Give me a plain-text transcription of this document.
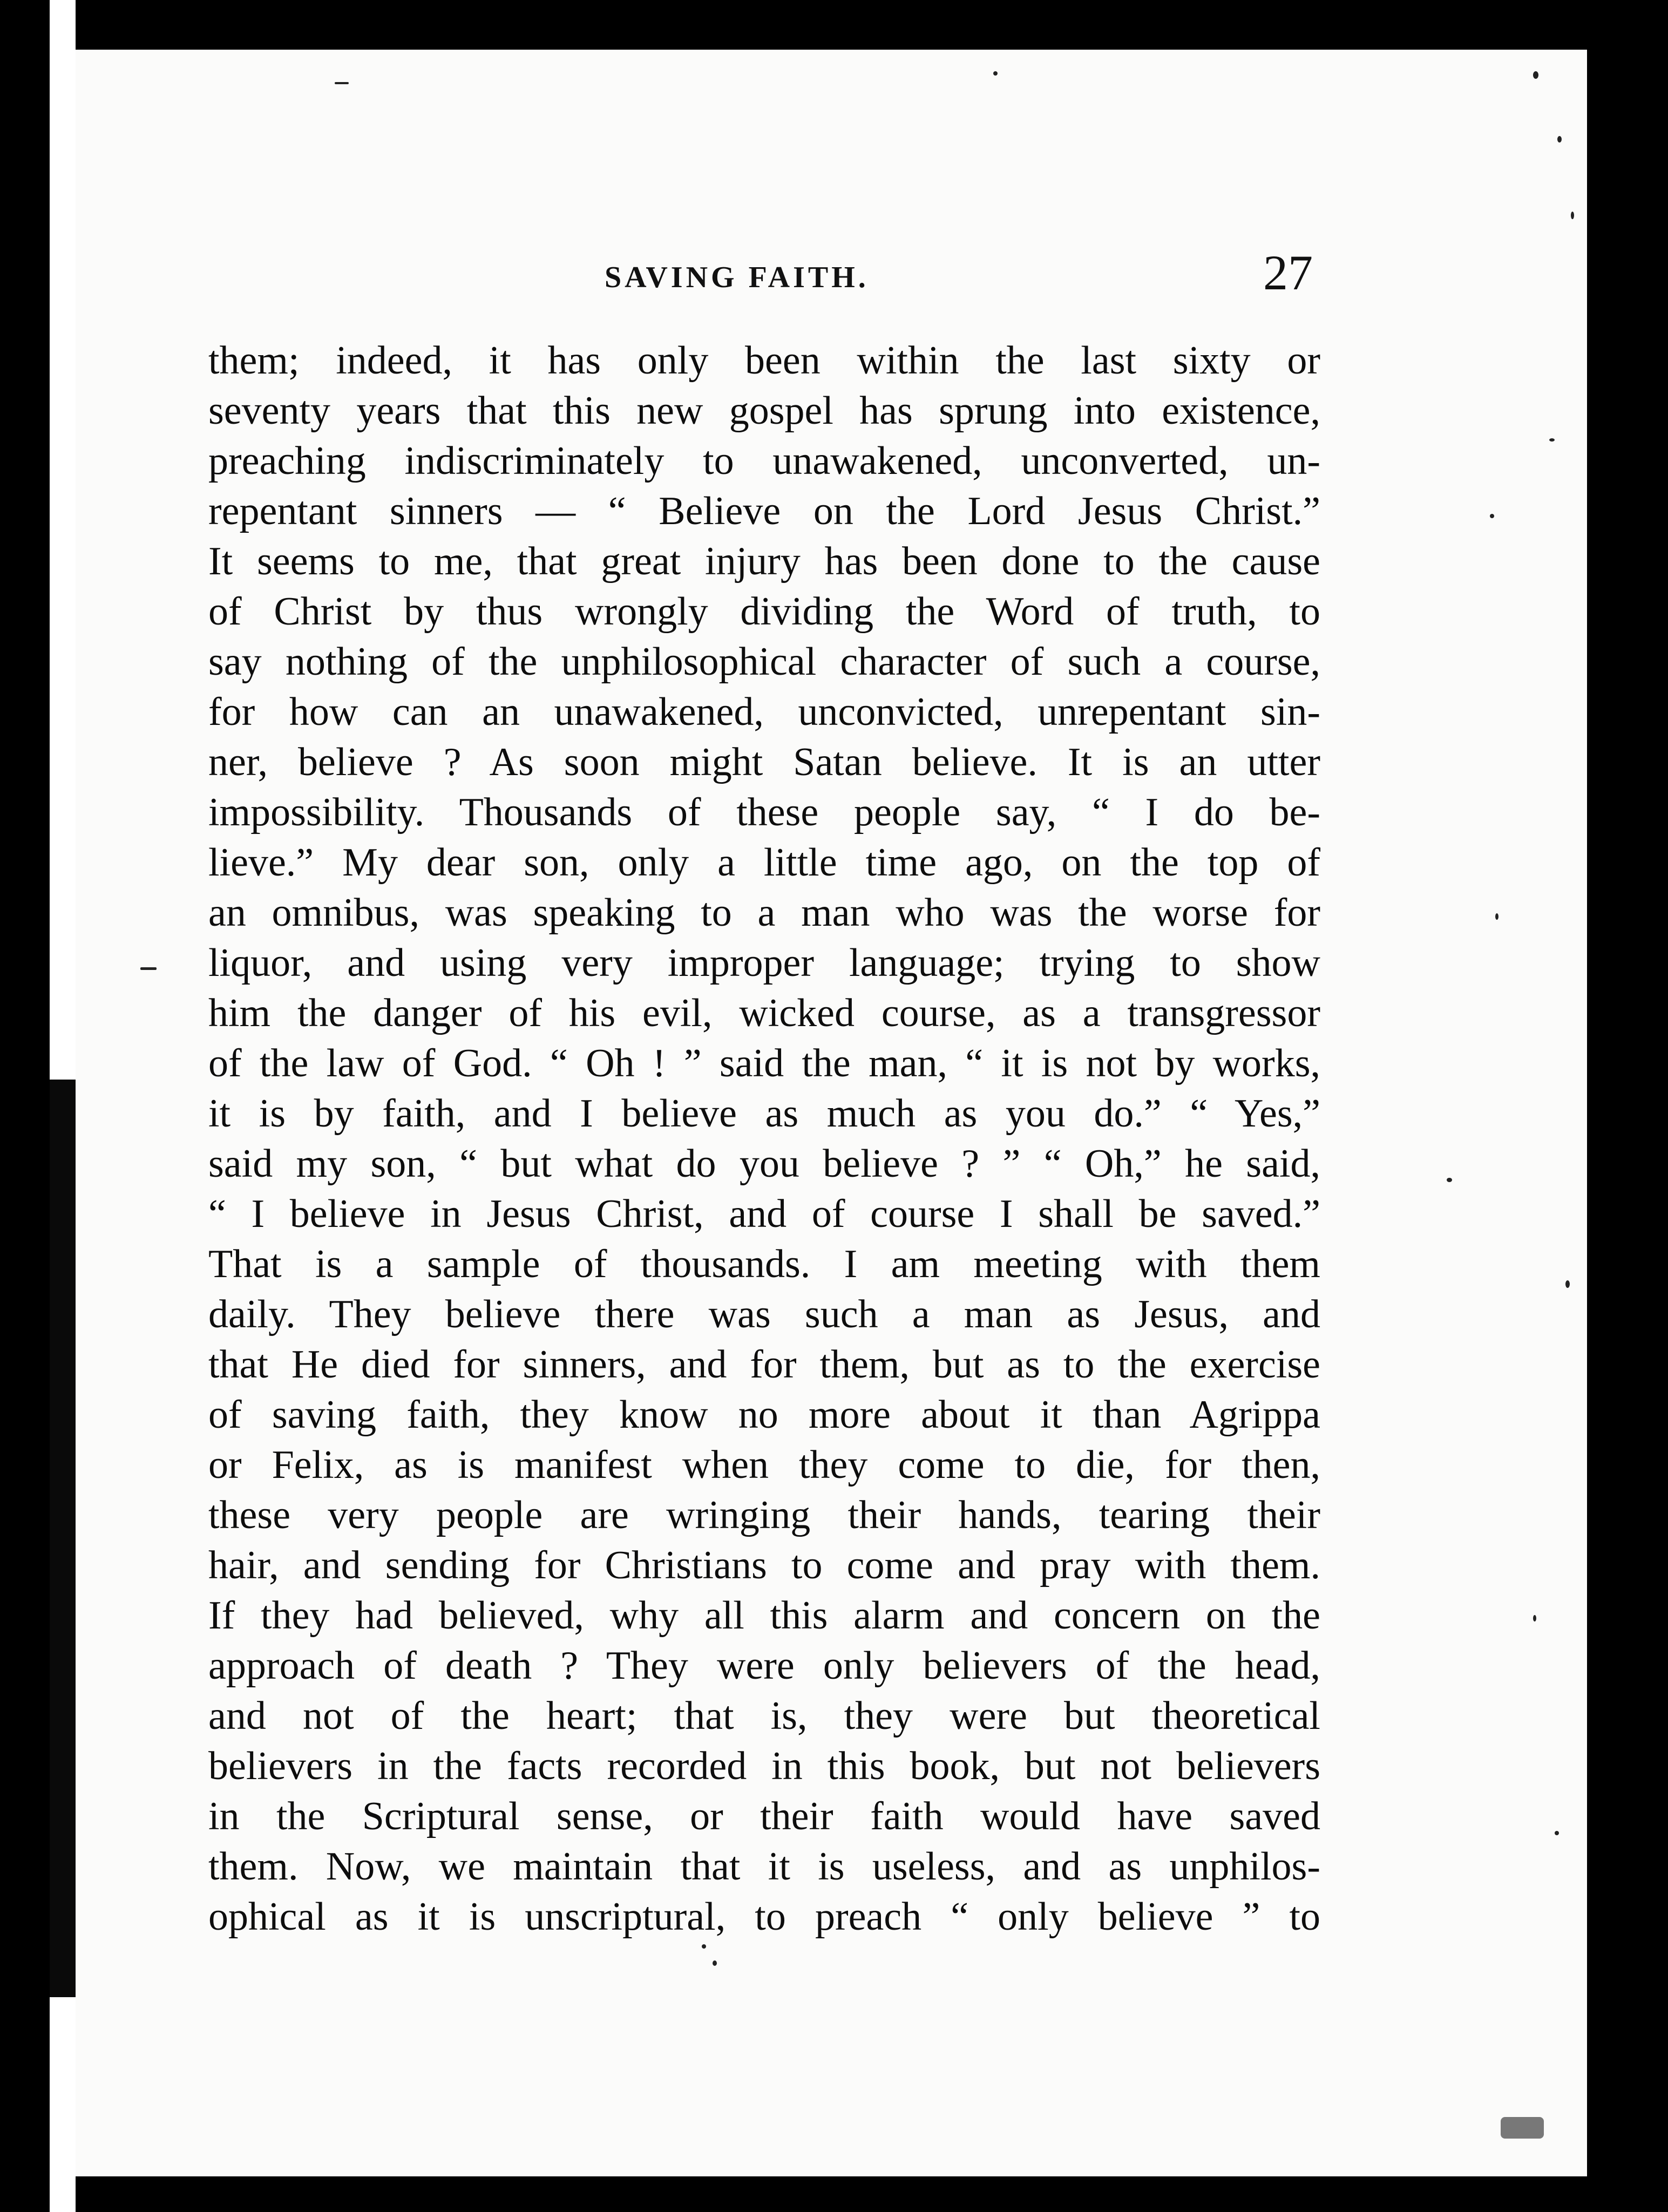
SAVING FAITH.	27
them; indeed, it has only been within the last sixty or
seventy years that this new gospel has sprung into existence,
preaching indiscriminately to unawakened, unconverted, un-
repentant sinners — “ Believe on the Lord Jesus Christ.”
It seems to me, that great injury has been done to the cause
of Christ by thus wrongly dividing the Word of truth, to
say nothing of the unphilosophical character of such a course,
for how can an unawakened, unconvicted, unrepentant sin-
ner, believe ? As soon might Satan believe. It is an utter
impossibility. Thousands of these people say, “ I do be-
lieve.” My dear son, only a little time ago, on the top of
an omnibus, was speaking to a man who was the worse for
liquor, and using very improper language; trying to show
him the danger of his evil, wicked course, as a transgressor
of the law of God. “ Oh ! ” said the man, “ it is not by works,
it is by faith, and I believe as much as you do.” “ Yes,”
said my son, “ but what do you believe ? ” “ Oh,” he said,
“ I believe in Jesus Christ, and of course I shall be saved.”
That is a sample of thousands. I am meeting with them
daily. They believe there was such a man as Jesus, and
that He died for sinners, and for them, but as to the exercise
of saving faith, they know no more about it than Agrippa
or Felix, as is manifest when they come to die, for then,
these very people are wringing their hands, tearing their
hair, and sending for Christians to come and pray with them.
If they had believed, why all this alarm and concern on the
approach of death ? They were only believers of the head,
and not of the heart; that is, they were but theoretical
believers in the facts recorded in this book, but not believers
in the Scriptural sense, or their faith would have saved
them. Now, we maintain that it is useless, and as unphilos-
ophical as it is unscriptural, to preach “ only believe ” to
